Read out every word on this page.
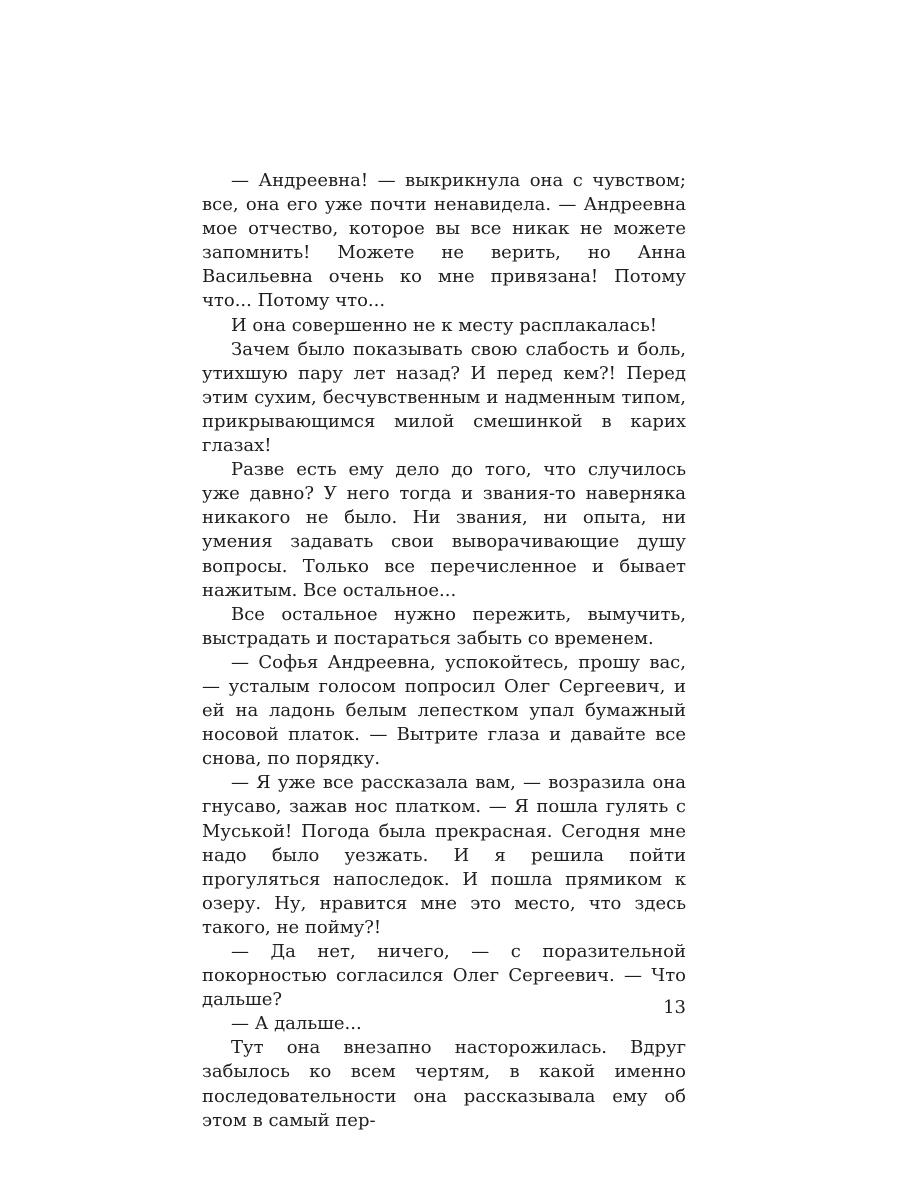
— Андреевна! — выкрикнула она с чувством; все, она его уже почти ненавидела. — Андреевна мое отчество, которое вы все никак не можете запомнить! Можете не верить, но Анна Васильевна очень ко мне привязана! Потому что... Потому что...

И она совершенно не к месту расплакалась!

Зачем было показывать свою слабость и боль, утихшую пару лет назад? И перед кем?! Перед этим сухим, бесчувственным и надменным типом, прикрывающимся милой смешинкой в карих глазах!

Разве есть ему дело до того, что случилось уже давно? У него тогда и звания-то наверняка никакого не было. Ни звания, ни опыта, ни умения задавать свои выворачивающие душу вопросы. Только все перечисленное и бывает нажитым. Все остальное...

Все остальное нужно пережить, вымучить, выстрадать и постараться забыть со временем.

— Софья Андреевна, успокойтесь, прошу вас, — усталым голосом попросил Олег Сергеевич, и ей на ладонь белым лепестком упал бумажный носовой платок. — Вытрите глаза и давайте все снова, по порядку.

— Я уже все рассказала вам, — возразила она гнусаво, зажав нос платком. — Я пошла гулять с Муськой! Погода была прекрасная. Сегодня мне надо было уезжать. И я решила пойти прогуляться напоследок. И пошла прямиком к озеру. Ну, нравится мне это место, что здесь такого, не пойму?!

— Да нет, ничего, — с поразительной покорностью согласился Олег Сергеевич. — Что дальше?

— А дальше...

Тут она внезапно насторожилась. Вдруг забылось ко всем чертям, в какой именно последовательности она рассказывала ему об этом в самый пер-

13
